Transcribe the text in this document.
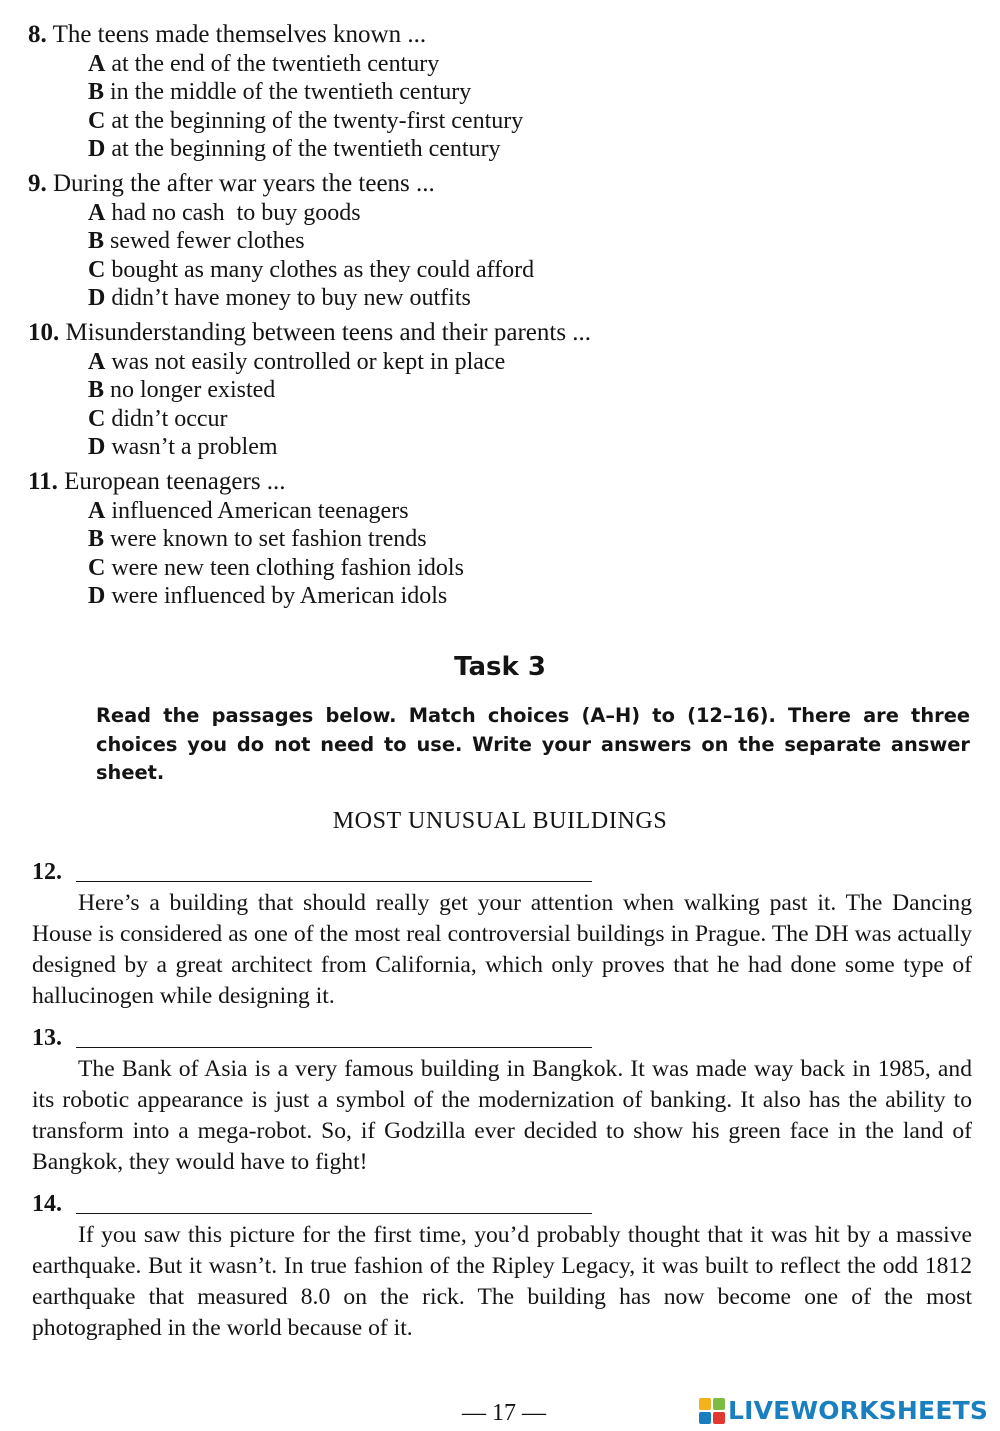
8. The teens made themselves known ...
A at the end of the twentieth century
B in the middle of the twentieth century
C at the beginning of the twenty-first century
D at the beginning of the twentieth century
9. During the after war years the teens ...
A had no cash  to buy goods
B sewed fewer clothes
C bought as many clothes as they could afford
D didn’t have money to buy new outfits
10. Misunderstanding between teens and their parents ...
A was not easily controlled or kept in place
B no longer existed
C didn’t occur
D wasn’t a problem
11. European teenagers ...
A influenced American teenagers
B were known to set fashion trends
C were new teen clothing fashion idols
D were influenced by American idols
Task 3
Read the passages below. Match choices (A–H) to (12–16). There are three choices you do not need to use. Write your answers on the separate answer sheet.
MOST UNUSUAL BUILDINGS
12.

Here’s a building that should really get your attention when walking past it. The Dancing House is considered as one of the most real controversial buildings in Prague. The DH was actually designed by a great architect from California, which only proves that he had done some type of hallucinogen while designing it.

13.

The Bank of Asia is a very famous building in Bangkok. It was made way back in 1985, and its robotic appearance is just a symbol of the modernization of banking. It also has the ability to transform into a mega-robot. So, if Godzilla ever decided to show his green face in the land of Bangkok, they would have to fight!

14.

If you saw this picture for the first time, you’d probably thought that it was hit by a massive earthquake. But it wasn’t. In true fashion of the Ripley Legacy, it was built to reflect the odd 1812 earthquake that measured 8.0 on the rick. The building has now become one of the most photographed in the world because of it.

— 17 —	LIVEWORKSHEETS
